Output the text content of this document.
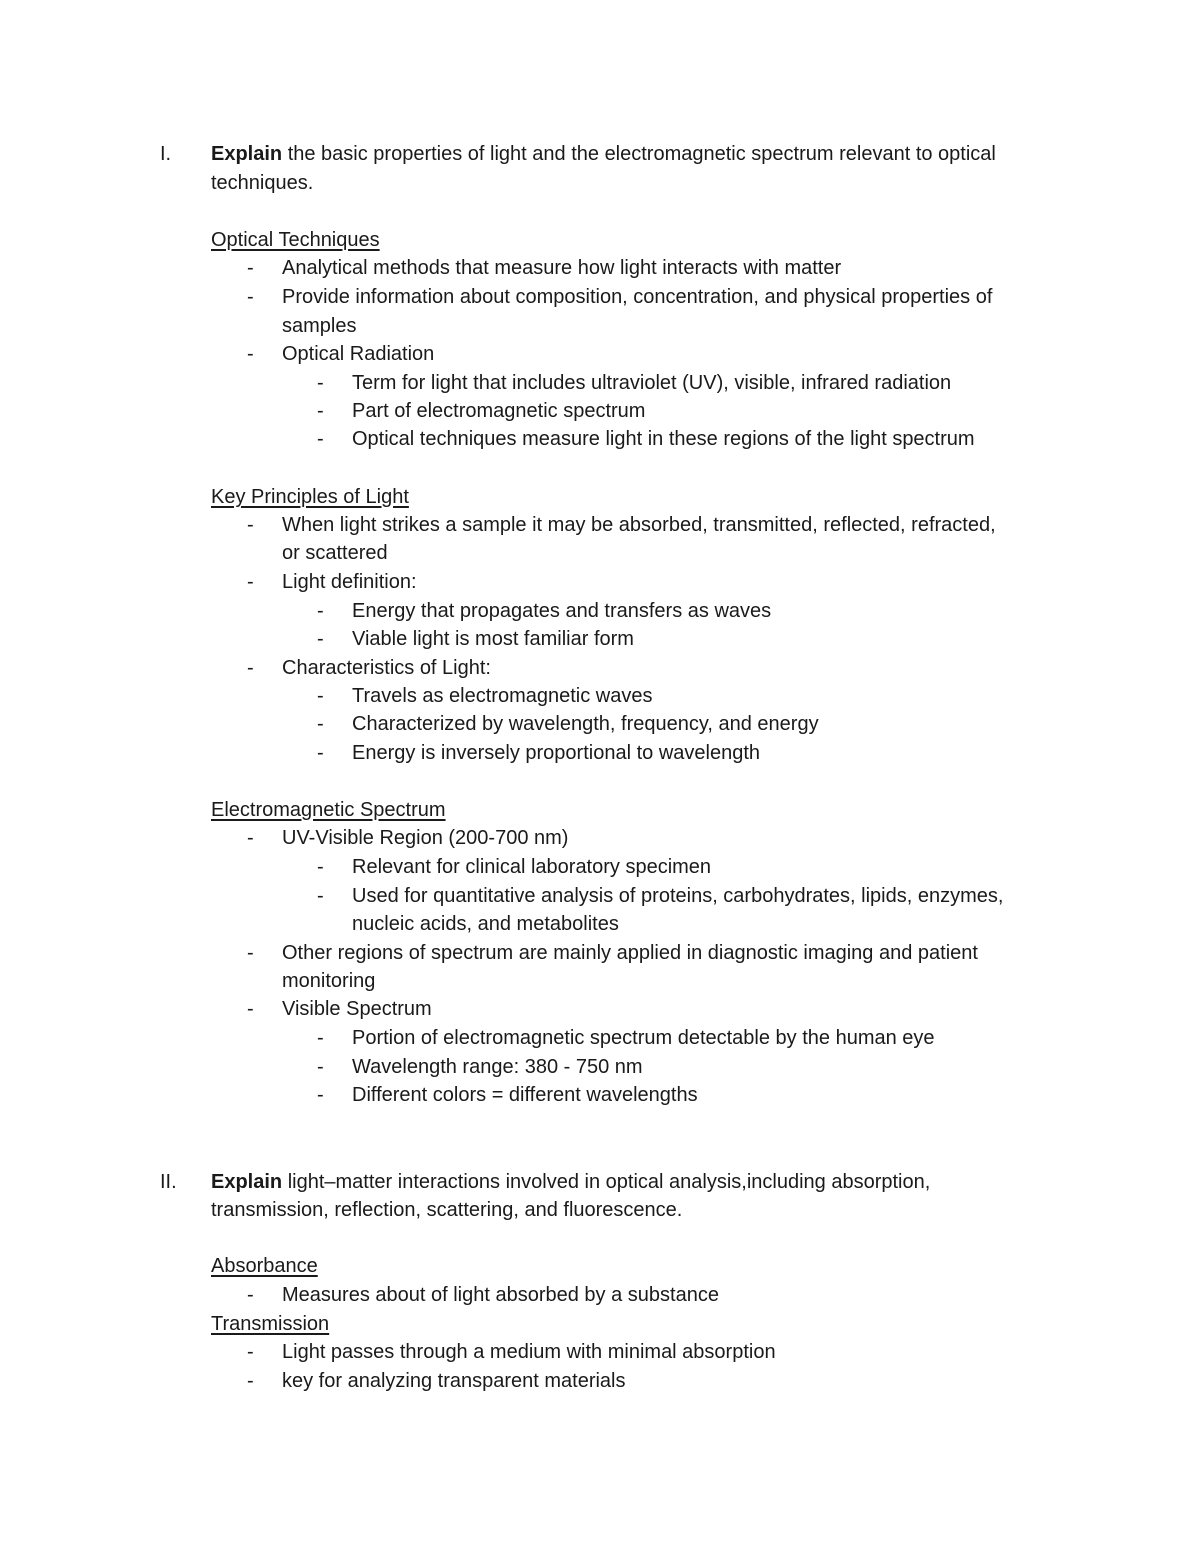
I. Explain the basic properties of light and the electromagnetic spectrum relevant to optical
techniques.
Optical Techniques
- Analytical methods that measure how light interacts with matter
- Provide information about composition, concentration, and physical properties of
samples
- Optical Radiation
- Term for light that includes ultraviolet (UV), visible, infrared radiation
- Part of electromagnetic spectrum
- Optical techniques measure light in these regions of the light spectrum
Key Principles of Light
- When light strikes a sample it may be absorbed, transmitted, reflected, refracted,
or scattered
- Light definition:
- Energy that propagates and transfers as waves
- Viable light is most familiar form
- Characteristics of Light:
- Travels as electromagnetic waves
- Characterized by wavelength, frequency, and energy
- Energy is inversely proportional to wavelength
Electromagnetic Spectrum
- UV-Visible Region (200-700 nm)
- Relevant for clinical laboratory specimen
- Used for quantitative analysis of proteins, carbohydrates, lipids, enzymes,
nucleic acids, and metabolites
- Other regions of spectrum are mainly applied in diagnostic imaging and patient
monitoring
- Visible Spectrum
- Portion of electromagnetic spectrum detectable by the human eye
- Wavelength range: 380 - 750 nm
- Different colors = different wavelengths
II. Explain light–matter interactions involved in optical analysis,including absorption,
transmission, reflection, scattering, and fluorescence.
Absorbance
- Measures about of light absorbed by a substance
Transmission
- Light passes through a medium with minimal absorption
- key for analyzing transparent materials
